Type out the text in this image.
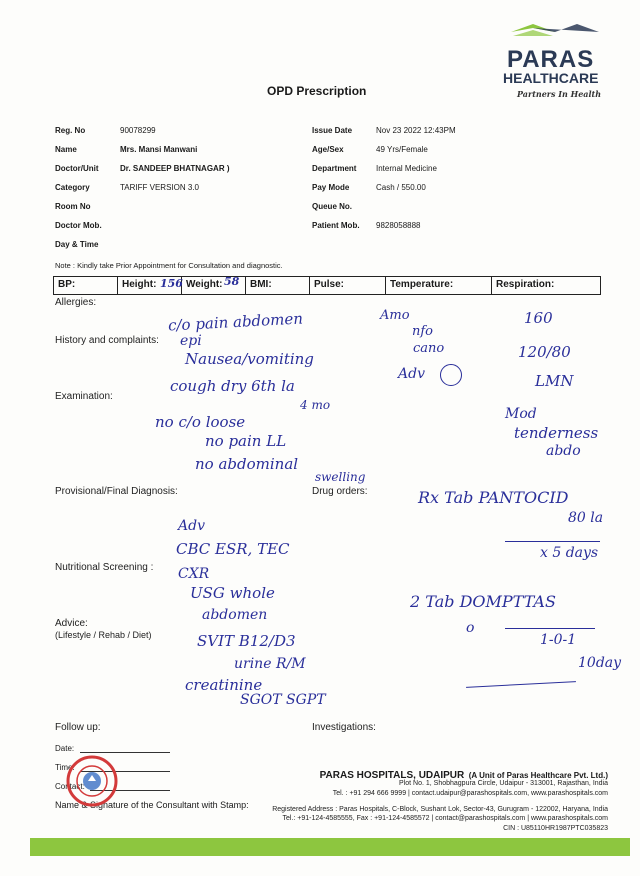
PARAS
HEALTHCARE
Partners In Health
OPD Prescription
Reg. No	90078299
Name	Mrs. Mansi Manwani
Doctor/Unit	Dr. SANDEEP BHATNAGAR )
Category	TARIFF VERSION 3.0
Room No
Doctor Mob.
Day & Time
Issue Date	Nov 23 2022 12:43PM
Age/Sex	49 Yrs/Female
Department Internal Medicine
Pay Mode	Cash / 550.00
Queue No.
Patient Mob. 9828058888
Note : Kindly take Prior Appointment for Consultation and diagnostic.
BP:	Height: 156 Weight: 58	BMI:	Pulse:	Temperature:	Respiration:
Allergies:
History and complaints:
Examination:
Provisional/Final Diagnosis:	Drug orders:
Nutritional Screening :
Advice:
(Lifestyle / Rehab / Diet)
c/o pain abdomen
epi
Nausea/vomiting
cough dry 6th la
4 mo
no c/o loose
no pain LL
no abdominal
swelling
Amo
nfo
cano
Adv
160
120/80
LMN
Mod
tenderness
abdo
Rx Tab PANTOCID
80 la
x 5 days
2 Tab DOMPTTAS
o
1-0-1
10day
Adv
CBC ESR, TEC
CXR
USG whole
abdomen
SVIT B12/D3
urine R/M
creatinine
SGOT SGPT
Follow up:	Investigations:
Date:
Time:
Contact:
Name & Signature of the Consultant with Stamp:
PARAS HOSPITALS, UDAIPUR (A Unit of Paras Healthcare Pvt. Ltd.)
Plot No. 1, Shobhagpura Circle, Udaipur - 313001, Rajasthan, India
Tel. : +91 294 666 9999 | contact.udaipur@parashospitals.com, www.parashospitals.com
Registered Address : Paras Hospitals, C-Block, Sushant Lok, Sector-43, Gurugram - 122002, Haryana, India
Tel.: +91-124-4585555, Fax : +91-124-4585572 | contact@parashospitals.com | www.parashospitals.com
CIN : U85110HR1987PTC035823
